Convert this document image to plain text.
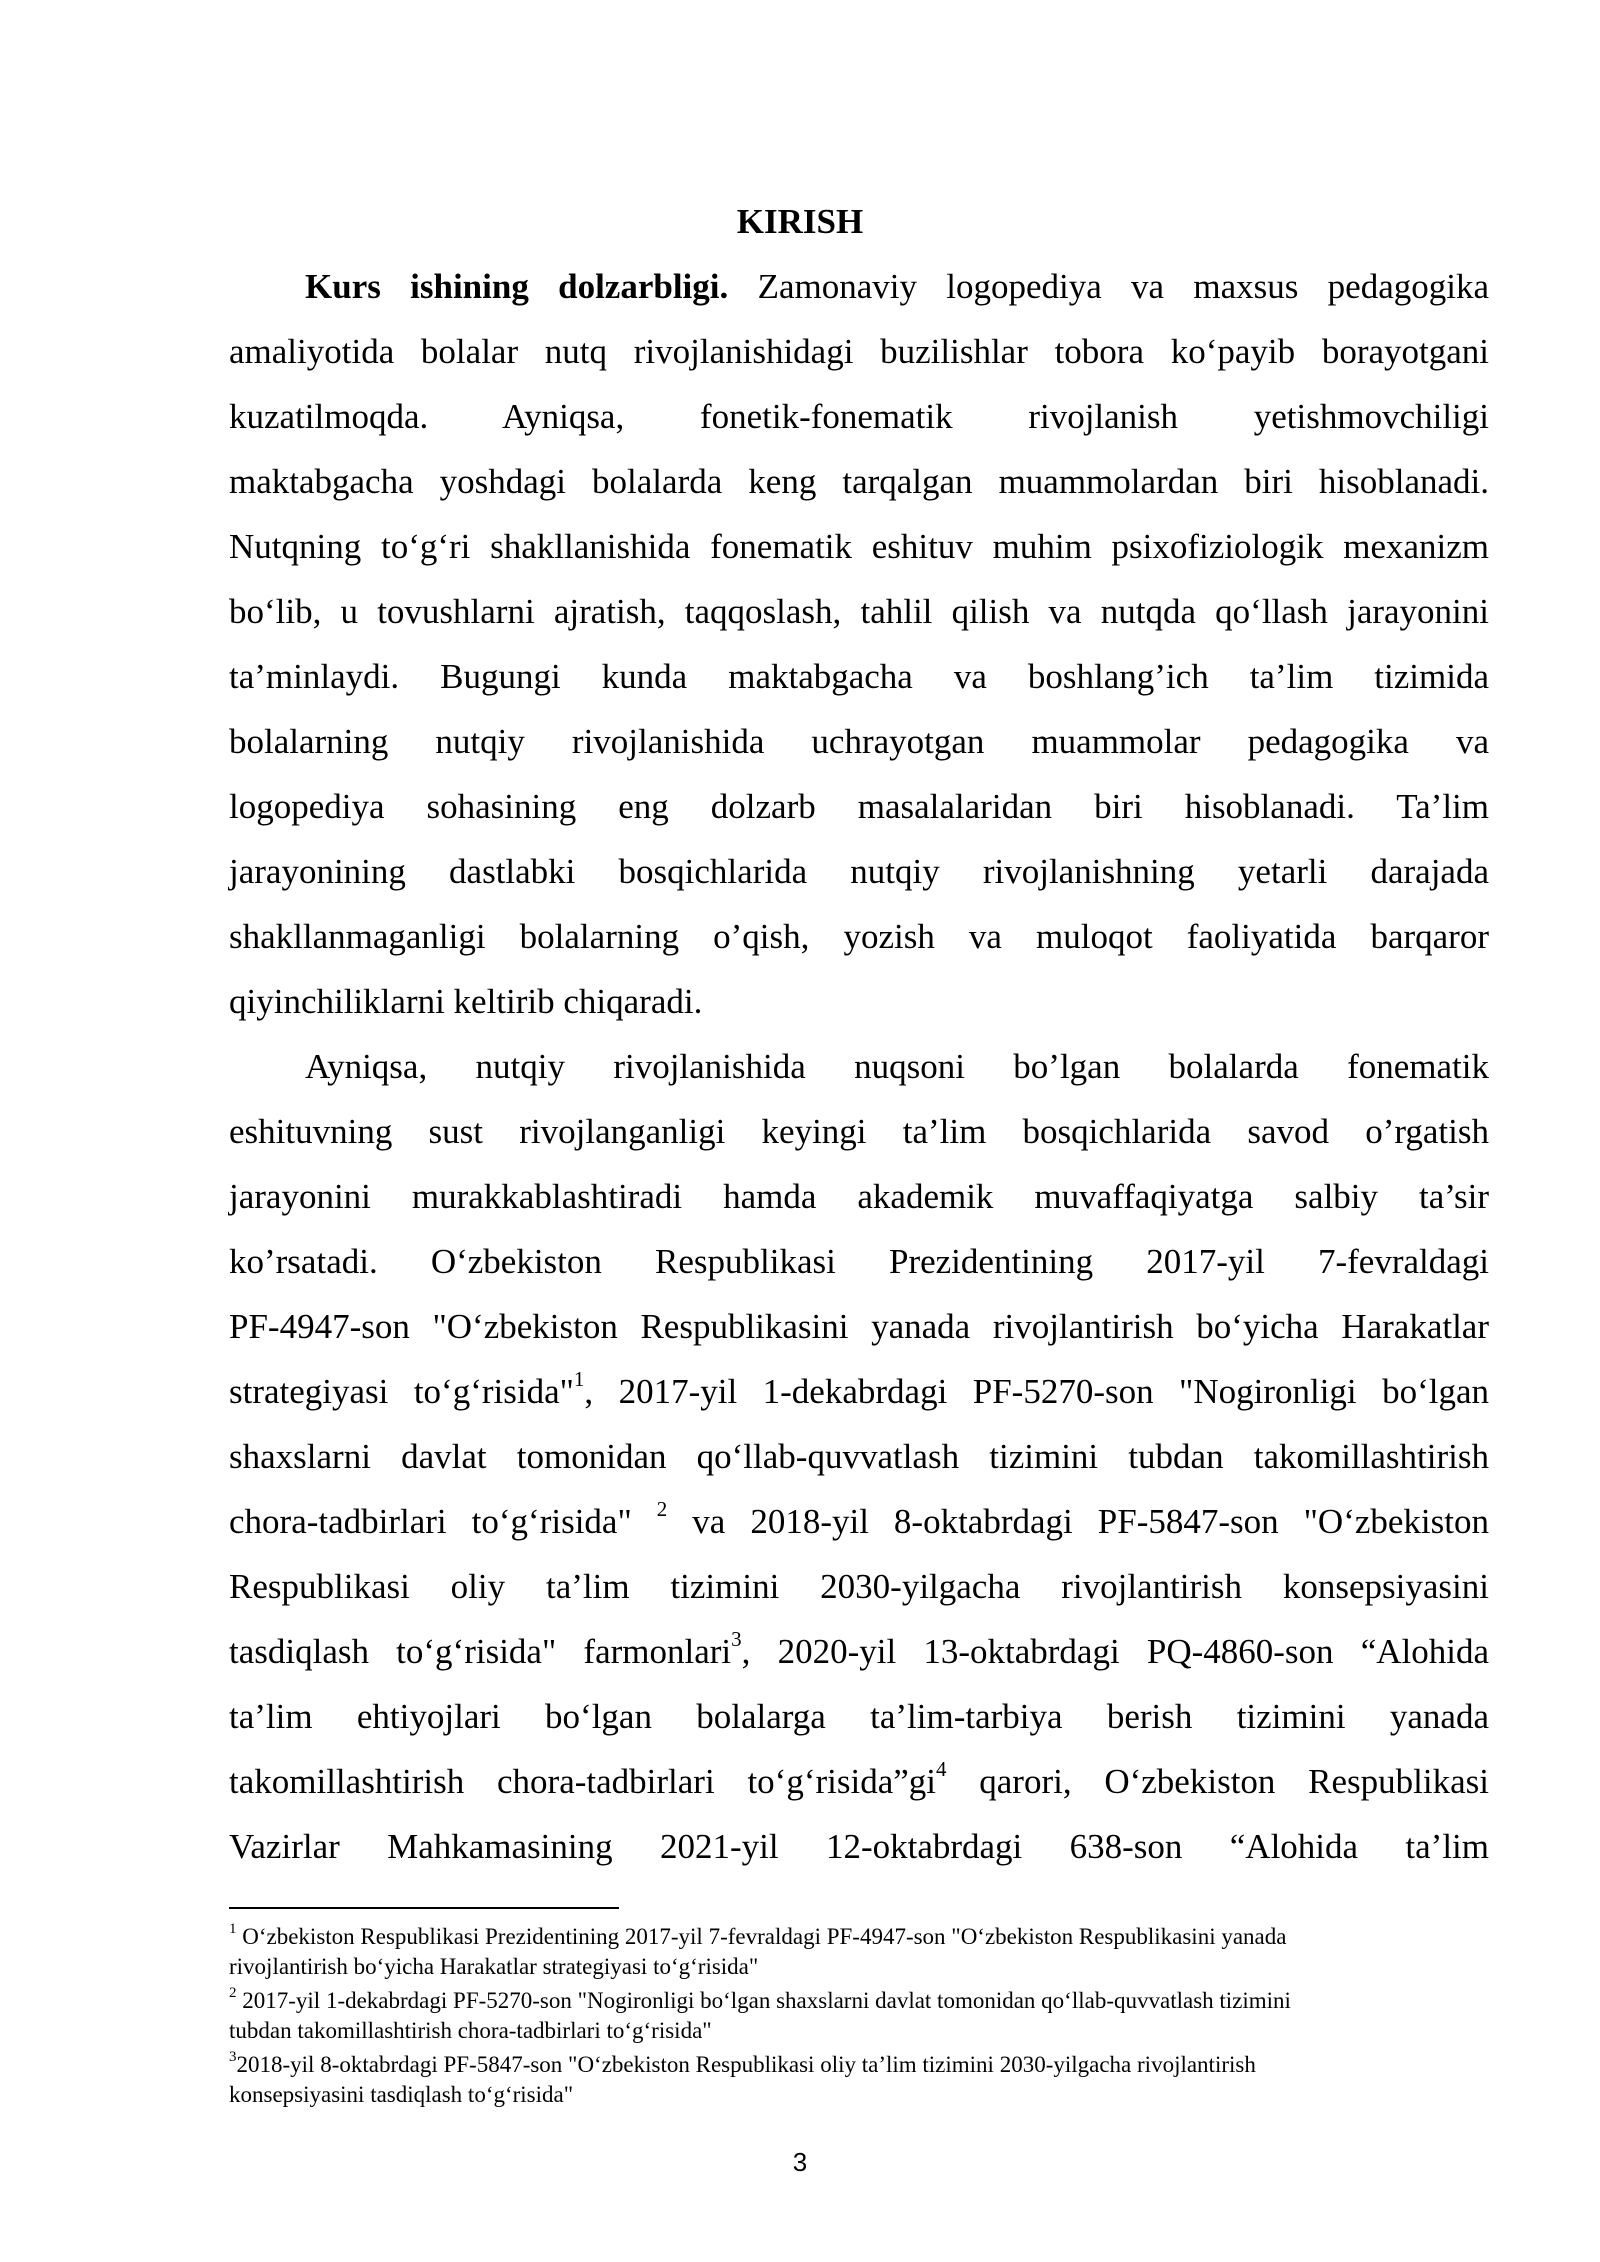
KIRISH
Kurs ishining dolzarbligi. Zamonaviy logopediya va maxsus pedagogika
amaliyotida bolalar nutq rivojlanishidagi buzilishlar tobora ko‘payib borayotgani
kuzatilmoqda. Ayniqsa, fonetik-fonematik rivojlanish yetishmovchiligi
maktabgacha yoshdagi bolalarda keng tarqalgan muammolardan biri hisoblanadi.
Nutqning to‘g‘ri shakllanishida fonematik eshituv muhim psixofiziologik mexanizm
bo‘lib, u tovushlarni ajratish, taqqoslash, tahlil qilish va nutqda qo‘llash jarayonini
ta’minlaydi. Bugungi kunda maktabgacha va boshlang’ich ta’lim tizimida
bolalarning nutqiy rivojlanishida uchrayotgan muammolar pedagogika va
logopediya sohasining eng dolzarb masalalaridan biri hisoblanadi. Ta’lim
jarayonining dastlabki bosqichlarida nutqiy rivojlanishning yetarli darajada
shakllanmaganligi bolalarning o’qish, yozish va muloqot faoliyatida barqaror
qiyinchiliklarni keltirib chiqaradi.
Ayniqsa, nutqiy rivojlanishida nuqsoni bo’lgan bolalarda fonematik
eshituvning sust rivojlanganligi keyingi ta’lim bosqichlarida savod o’rgatish
jarayonini murakkablashtiradi hamda akademik muvaffaqiyatga salbiy ta’sir
ko’rsatadi. O‘zbekiston Respublikasi Prezidentining 2017-yil 7-fevraldagi
PF-4947-son "O‘zbekiston Respublikasini yanada rivojlantirish bo‘yicha Harakatlar
strategiyasi to‘g‘risida"$^1$, 2017-yil 1-dekabrdagi PF-5270-son "Nogironligi bo‘lgan
shaxslarni davlat tomonidan qo‘llab-quvvatlash tizimini tubdan takomillashtirish
chora-tadbirlari to‘g‘risida" $^2$ va 2018-yil 8-oktabrdagi PF-5847-son "O‘zbekiston
Respublikasi oliy ta’lim tizimini 2030-yilgacha rivojlantirish konsepsiyasini
tasdiqlash to‘g‘risida" farmonlari$^3$, 2020-yil 13-oktabrdagi PQ-4860-son “Alohida
ta’lim ehtiyojlari bo‘lgan bolalarga ta’lim-tarbiya berish tizimini yanada
takomillashtirish chora-tadbirlari $to‘g‘risida”gi^4$ qarori, O‘zbekiston Respublikasi
Vazirlar Mahkamasining 2021-yil 12-oktabrdagi 638-son “Alohida ta’lim
$^1$ O‘zbekiston Respublikasi Prezidentining 2017-yil 7-fevraldagi PF-4947-son "O‘zbekiston Respublikasini yanada
rivojlantirish bo‘yicha Harakatlar strategiyasi to‘g‘risida"
$^2$ 2017-yil 1-dekabrdagi PF-5270-son "Nogironligi bo‘lgan shaxslarni davlat tomonidan qo‘llab-quvvatlash tizimini
tubdan takomillashtirish chora-tadbirlari to‘g‘risida"
$^3$2018-yil 8-oktabrdagi PF-5847-son "O‘zbekiston Respublikasi oliy ta’lim tizimini 2030-yilgacha rivojlantirish
konsepsiyasini tasdiqlash to‘g‘risida"
3
